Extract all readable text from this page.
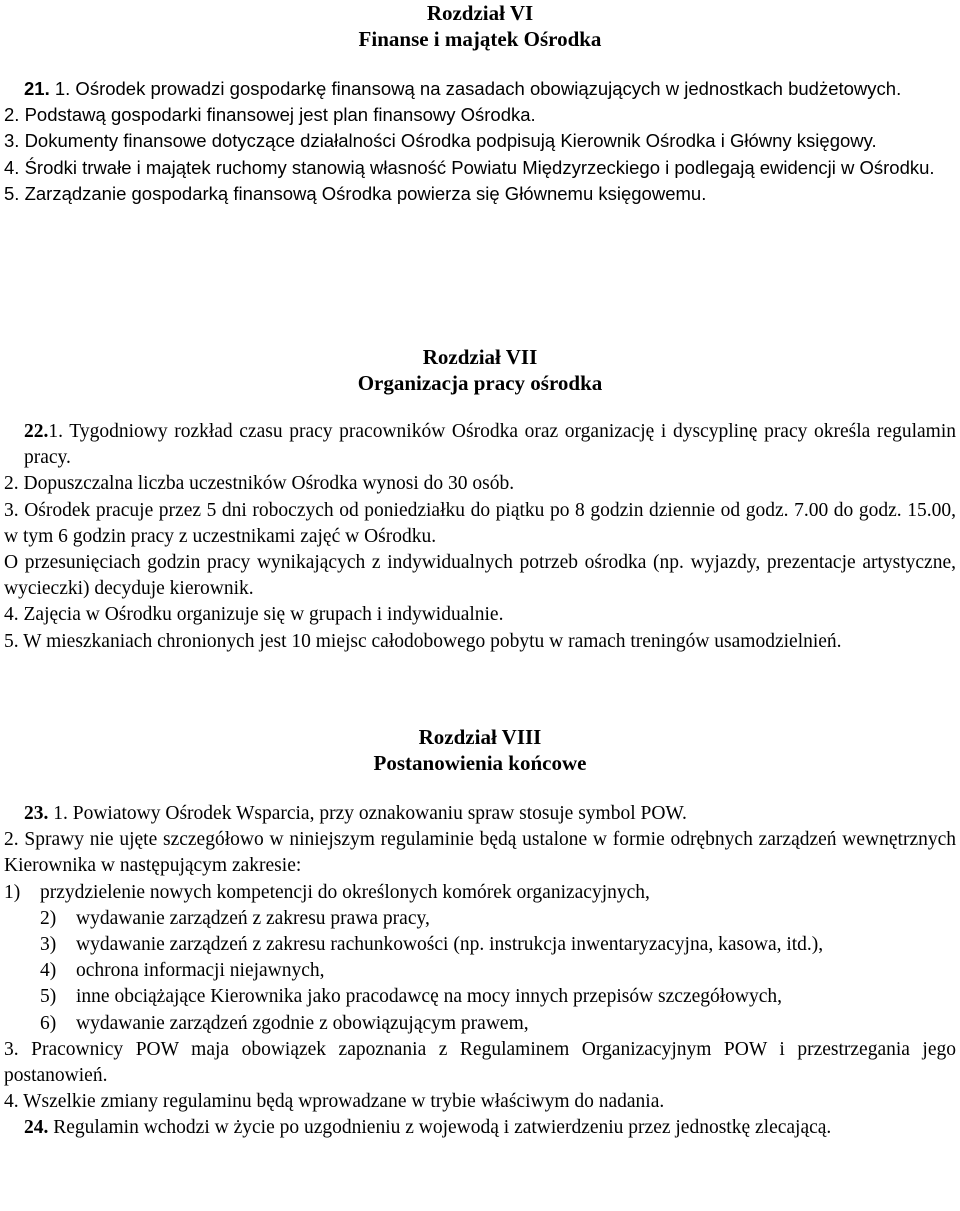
Rozdział VI
Finanse i majątek Ośrodka

21. 1. Ośrodek prowadzi gospodarkę finansową na zasadach obowiązujących w jednostkach budżetowych.

2. Podstawą gospodarki finansowej jest plan finansowy Ośrodka.

3. Dokumenty finansowe dotyczące działalności Ośrodka podpisują Kierownik Ośrodka i Główny księgowy.

4. Środki trwałe i majątek ruchomy stanowią własność Powiatu Międzyrzeckiego i podlegają ewidencji w Ośrodku.

5. Zarządzanie gospodarką finansową Ośrodka powierza się Głównemu księgowemu.

Rozdział VII
Organizacja pracy ośrodka

22.1. Tygodniowy rozkład czasu pracy pracowników Ośrodka oraz organizację i dyscyplinę pracy określa regulamin pracy.

2. Dopuszczalna liczba uczestników Ośrodka wynosi do 30 osób.

3. Ośrodek pracuje przez 5 dni roboczych od poniedziałku do piątku po 8 godzin dziennie od godz. 7.00 do godz. 15.00, w tym 6 godzin pracy z uczestnikami zajęć w Ośrodku.

O przesunięciach godzin pracy wynikających z indywidualnych potrzeb ośrodka (np. wyjazdy, prezentacje artystyczne, wycieczki) decyduje kierownik.

4. Zajęcia w Ośrodku organizuje się w grupach i indywidualnie.

5. W mieszkaniach chronionych jest 10 miejsc całodobowego pobytu w ramach treningów usamodzielnień.

Rozdział VIII
Postanowienia końcowe

23. 1. Powiatowy Ośrodek Wsparcia, przy oznakowaniu spraw stosuje symbol POW.

2. Sprawy nie ujęte szczegółowo w niniejszym regulaminie będą ustalone w formie odrębnych zarządzeń wewnętrznych Kierownika w następującym zakresie:

1)	przydzielenie nowych kompetencji do określonych komórek organizacyjnych,
2)	wydawanie zarządzeń z zakresu prawa pracy,
3)	wydawanie zarządzeń z zakresu rachunkowości (np. instrukcja inwentaryzacyjna, kasowa, itd.),
4)	ochrona informacji niejawnych,
5)	inne obciążające Kierownika jako pracodawcę na mocy innych przepisów szczegółowych,
6)	wydawanie zarządzeń zgodnie z obowiązującym prawem,

3. Pracownicy POW maja obowiązek zapoznania z Regulaminem Organizacyjnym POW i przestrzegania jego postanowień.

4. Wszelkie zmiany regulaminu będą wprowadzane w trybie właściwym do nadania.

24. Regulamin wchodzi w życie po uzgodnieniu z wojewodą i zatwierdzeniu przez jednostkę zlecającą.
